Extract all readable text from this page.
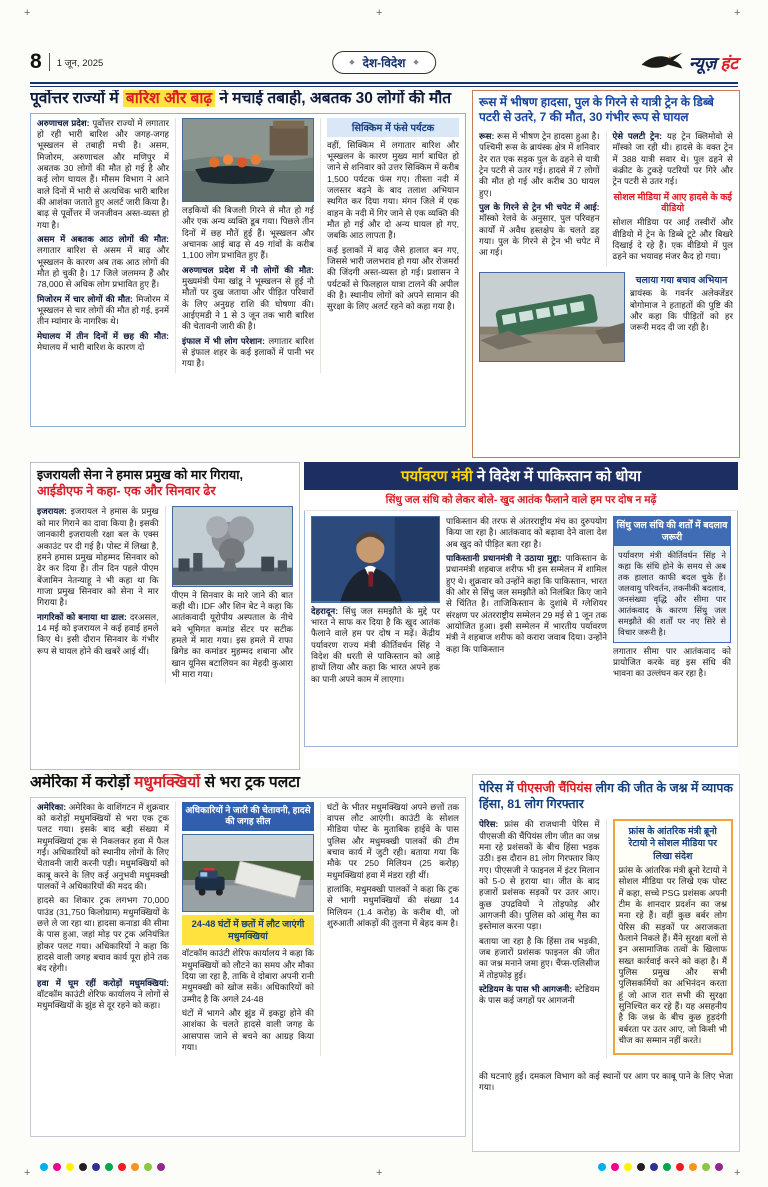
+	+	+
+	+	+
8 1 जून, 2025	◆ देश-विदेश ◆	न्यूज़ हंट
पूर्वोत्तर राज्यों में बारिश और बाढ़ ने मचाई तबाही, अबतक 30 लोगों की मौत

अरुणाचल प्रदेश: पूर्वोत्तर राज्यों में लगातार हो रही भारी बारिश और जगह-जगह भूस्खलन से तबाही मची है। असम, मिजोरम, अरुणाचल और मणिपुर में अबतक 30 लोगों की मौत हो गई है और कई लोग घायल हैं। मौसम विभाग ने आने वाले दिनों में भारी से अत्यधिक भारी बारिश की आशंका जताते हुए अलर्ट जारी किया है। बाढ़ से पूर्वोत्तर में जनजीवन अस्त-व्यस्त हो गया है।

असम में अबतक आठ लोगों की मौत: लगातार बारिश से असम में बाढ़ और भूस्खलन के कारण अब तक आठ लोगों की मौत हो चुकी है। 17 जिले जलमग्न हैं और 78,000 से अधिक लोग प्रभावित हुए हैं।

मिजोरम में चार लोगों की मौत: मिजोरम में भूस्खलन से चार लोगों की मौत हो गई, इनमें तीन म्यांमार के नागरिक थे।

मेघालय में तीन दिनों में छह की मौत: मेघालय में भारी बारिश के कारण दो

लड़कियों की बिजली गिरने से मौत हो गई और एक अन्य व्यक्ति डूब गया। पिछले तीन दिनों में छह मौतें हुई हैं। भूस्खलन और अचानक आई बाढ़ से 49 गांवों के करीब 1,100 लोग प्रभावित हुए हैं।

अरुणाचल प्रदेश में नौ लोगों की मौत: मुख्यमंत्री पेमा खांडू ने भूस्खलन से हुई नौ मौतों पर दुख जताया और पीड़ित परिवारों के लिए अनुग्रह राशि की घोषणा की। आईएमडी ने 1 से 3 जून तक भारी बारिश की चेतावनी जारी की है।

इंफाल में भी लोग परेशान: लगातार बारिश से इंफाल शहर के कई इलाकों में पानी भर गया है।

सिक्किम में फंसे पर्यटक

वहीं, सिक्किम में लगातार बारिश और भूस्खलन के कारण मुख्य मार्ग बाधित हो जाने से शनिवार को उत्तर सिक्किम में करीब 1,500 पर्यटक फंस गए। तीस्ता नदी में जलस्तर बढ़ने के बाद तलाश अभियान स्थगित कर दिया गया। मंगन जिले में एक वाहन के नदी में गिर जाने से एक व्यक्ति की मौत हो गई और दो अन्य घायल हो गए, जबकि आठ लापता हैं।

कई इलाकों में बाढ़ जैसे हालात बन गए, जिससे भारी जलभराव हो गया और रोजमर्रा की जिंदगी अस्त-व्यस्त हो गई। प्रशासन ने पर्यटकों से फिलहाल यात्रा टालने की अपील की है। स्थानीय लोगों को अपने सामान की सुरक्षा के लिए अलर्ट रहने को कहा गया है।

रूस में भीषण हादसा, पुल के गिरने से यात्री ट्रेन के डिब्बे पटरी से उतरे, 7 की मौत, 30 गंभीर रूप से घायल

रूस: रूस में भीषण ट्रेन हादसा हुआ है। पश्चिमी रूस के ब्रायंस्क क्षेत्र में शनिवार देर रात एक सड़क पुल के ढहने से यात्री ट्रेन पटरी से उतर गई। हादसे में 7 लोगों की मौत हो गई और करीब 30 घायल हुए।

पुल के गिरने से ट्रेन भी चपेट में आई: मॉस्को रेलवे के अनुसार, पुल परिवहन कार्यों में अवैध हस्तक्षेप के चलते ढह गया। पुल के गिरने से ट्रेन भी चपेट में आ गई।

ऐसे पलटी ट्रेन: यह ट्रेन क्लिमोवो से मॉस्को जा रही थी। हादसे के वक्त ट्रेन में 388 यात्री सवार थे। पुल ढहने से कंक्रीट के टुकड़े पटरियों पर गिरे और ट्रेन पटरी से उतर गई।

सोशल मीडिया में आए हादसे के कई वीडियो

सोशल मीडिया पर आईं तस्वीरों और वीडियो में ट्रेन के डिब्बे टूटे और बिखरे दिखाई दे रहे हैं। एक वीडियो में पुल ढहने का भयावह मंजर कैद हो गया।

चलाया गया बचाव अभियान

ब्रायंस्क के गवर्नर अलेक्जेंडर बोगोमाज ने हताहतों की पुष्टि की और कहा कि पीड़ितों को हर जरूरी मदद दी जा रही है।

इजरायली सेना ने हमास प्रमुख को मार गिराया,
आईडीएफ ने कहा- एक और सिनवार ढेर

इजरायल: इजरायल ने हमास के प्रमुख को मार गिराने का दावा किया है। इसकी जानकारी इजरायली रक्षा बल के एक्स अकाउंट पर दी गई है। पोस्ट में लिखा है, हमने हमास प्रमुख मोहम्मद सिनवार को ढेर कर दिया है। तीन दिन पहले पीएम बेंजामिन नेतन्याहू ने भी कहा था कि गाजा प्रमुख सिनवार को सेना ने मार गिराया है।

नागरिकों को बनाया था ढाल: दरअसल, 14 मई को इजरायल ने कई हवाई हमले किए थे। इसी दौरान सिनवार के गंभीर रूप से घायल होने की खबरें आई थीं।

पीएम ने सिनवार के मारे जाने की बात कही थी। IDF और शिन बेट ने कहा कि आतंकवादी यूरोपीय अस्पताल के नीचे बने भूमिगत कमांड सेंटर पर सटीक हमले में मारा गया। इस हमले में राफा ब्रिगेड का कमांडर मुहम्मद शबाना और खान यूनिस बटालियन का मेहदी कुआरा भी मारा गया।

पर्यावरण मंत्री ने विदेश में पाकिस्तान को धोया
सिंधु जल संधि को लेकर बोले- खुद आतंक फैलाने वाले हम पर दोष न मढ़ें

देहरादून: सिंधु जल समझौते के मुद्दे पर भारत ने साफ कर दिया है कि खुद आतंक फैलाने वाले हम पर दोष न मढ़ें। केंद्रीय पर्यावरण राज्य मंत्री कीर्तिवर्धन सिंह ने विदेश की धरती से पाकिस्तान को आड़े हाथों लिया और कहा कि भारत अपने हक का पानी अपने काम में लाएगा।

पाकिस्तान की तरफ से अंतरराष्ट्रीय मंच का दुरुपयोग किया जा रहा है। आतंकवाद को बढ़ावा देने वाला देश अब खुद को पीड़ित बता रहा है।

पाकिस्तानी प्रधानमंत्री ने उठाया मुद्दा: पाकिस्तान के प्रधानमंत्री शहबाज शरीफ भी इस सम्मेलन में शामिल हुए थे। शुक्रवार को उन्होंने कहा कि पाकिस्तान, भारत की ओर से सिंधु जल समझौते को निलंबित किए जाने से चिंतित है। ताजिकिस्तान के दुशांबे में ग्लेशियर संरक्षण पर अंतरराष्ट्रीय सम्मेलन 29 मई से 1 जून तक आयोजित हुआ। इसी सम्मेलन में भारतीय पर्यावरण मंत्री ने शहबाज शरीफ को करारा जवाब दिया। उन्होंने कहा कि पाकिस्तान

सिंधु जल संधि की शर्तों में बदलाव जरूरी
पर्यावरण मंत्री कीर्तिवर्धन सिंह ने कहा कि संधि होने के समय से अब तक हालात काफी बदल चुके हैं। जलवायु परिवर्तन, तकनीकी बदलाव, जनसंख्या वृद्धि और सीमा पार आतंकवाद के कारण सिंधु जल समझौते की शर्तों पर नए सिरे से विचार जरूरी है।

लगातार सीमा पार आतंकवाद को प्रायोजित करके वह इस संधि की भावना का उल्लंघन कर रहा है।

अमेरिका में करोड़ों मधुमक्खियों से भरा ट्रक पलटा

अमेरिका: अमेरिका के वाशिंगटन में शुक्रवार को करोड़ों मधुमक्खियों से भरा एक ट्रक पलट गया। इसके बाद बड़ी संख्या में मधुमक्खियां ट्रक से निकलकर हवा में फैल गईं। अधिकारियों को स्थानीय लोगों के लिए चेतावनी जारी करनी पड़ी। मधुमक्खियों को काबू करने के लिए कई अनुभवी मधुमक्खी पालकों ने अधिकारियों की मदद की।

हादसे का शिकार ट्रक लगभग 70,000 पाउंड (31,750 किलोग्राम) मधुमक्खियों के छत्ते ले जा रहा था। हादसा कनाडा की सीमा के पास हुआ, जहां मोड़ पर ट्रक अनियंत्रित होकर पलट गया। अधिकारियों ने कहा कि हादसे वाली जगह बचाव कार्य पूरा होने तक बंद रहेगी।

हवा में घूम रहीं करोड़ों मधुमक्खियां: वॉटकॉम काउंटी शेरिफ कार्यालय ने लोगों से मधुमक्खियों के झुंड से दूर रहने को कहा।

अधिकारियों ने जारी की चेतावनी, हादसे की जगह सील
24-48 घंटों में छतों में लौट जाएंगी मधुमक्खियां

वॉटकॉम काउंटी शेरिफ कार्यालय ने कहा कि मधुमक्खियों को लौटने का समय और मौका दिया जा रहा है, ताकि वे दोबारा अपनी रानी मधुमक्खी को खोज सकें। अधिकारियों को उम्मीद है कि अगले 24-48

घंटों में भागने और झुंड में इकट्ठा होने की आशंका के चलते हादसे वाली जगह के आसपास जाने से बचने का आग्रह किया गया।

घंटों के भीतर मधुमक्खियां अपने छत्तों तक वापस लौट आएंगी। काउंटी के सोशल मीडिया पोस्ट के मुताबिक हाईवे के पास पुलिस और मधुमक्खी पालकों की टीम बचाव कार्य में जुटी रही। बताया गया कि मौके पर 250 मिलियन (25 करोड़) मधुमक्खियां हवा में मंडरा रही थीं।

हालांकि, मधुमक्खी पालकों ने कहा कि ट्रक से भागी मधुमक्खियों की संख्या 14 मिलियन (1.4 करोड़) के करीब थी, जो शुरुआती आंकड़ों की तुलना में बेहद कम है।

पेरिस में पीएसजी चैंपियंस लीग की जीत के जश्न में व्यापक हिंसा, 81 लोग गिरफ्तार

पेरिस: फ्रांस की राजधानी पेरिस में पीएसजी की चैंपियंस लीग जीत का जश्न मना रहे प्रशंसकों के बीच हिंसा भड़क उठी। इस दौरान 81 लोग गिरफ्तार किए गए। पीएसजी ने फाइनल में इंटर मिलान को 5-0 से हराया था। जीत के बाद हजारों प्रशंसक सड़कों पर उतर आए। कुछ उपद्रवियों ने तोड़फोड़ और आगजनी की। पुलिस को आंसू गैस का इस्तेमाल करना पड़ा।

बताया जा रहा है कि हिंसा तब भड़की, जब हजारों प्रशंसक फाइनल की जीत का जश्न मनाने जमा हुए। चैंप्स-एलिसीज में तोड़फोड़ हुई।

स्टेडियम के पास भी आगजनी: स्टेडियम के पास कई जगहों पर आगजनी

फ्रांस के आंतरिक मंत्री ब्रूनो रेटायो ने सोशल मीडिया पर लिखा संदेश

फ्रांस के आंतरिक मंत्री ब्रूनो रेटायो ने सोशल मीडिया पर लिखे एक पोस्ट में कहा, सच्चे PSG प्रशंसक अपनी टीम के शानदार प्रदर्शन का जश्न मना रहे हैं। वहीं कुछ बर्बर लोग पेरिस की सड़कों पर अराजकता फैलाने निकले हैं। मैंने सुरक्षा बलों से इन असामाजिक तत्वों के खिलाफ सख्त कार्रवाई करने को कहा है। मैं पुलिस प्रमुख और सभी पुलिसकर्मियों का अभिनंदन करता हूं जो आज रात सभी की सुरक्षा सुनिश्चित कर रहे हैं। यह असहनीय है कि जश्न के बीच कुछ हुड़दंगी बर्बरता पर उतर आए, जो किसी भी चीज का सम्मान नहीं करते।

की घटनाएं हुईं। दमकल विभाग को कई स्थानों पर आग पर काबू पाने के लिए भेजा गया।
